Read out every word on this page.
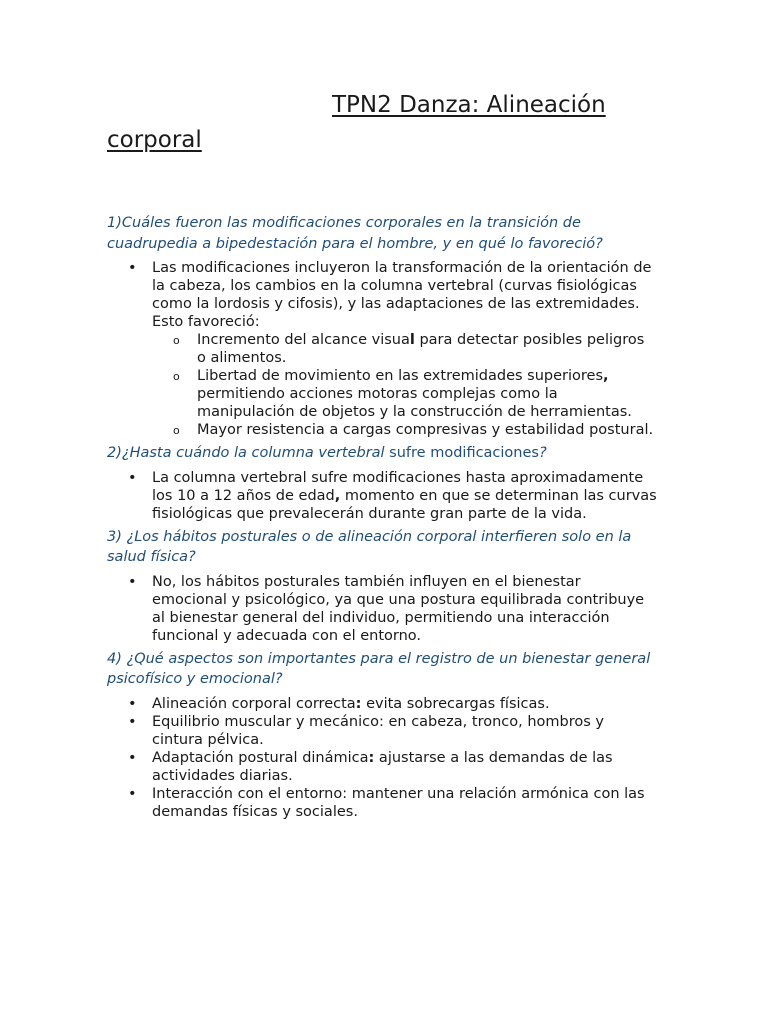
TPN2 Danza: Alineación corporal

1)Cuáles fueron las modificaciones corporales en la transición de cuadrupedia a bipedestación para el hombre, y en qué lo favoreció?

• Las modificaciones incluyeron la transformación de la orientación de la cabeza, los cambios en la columna vertebral (curvas fisiológicas como la lordosis y cifosis), y las adaptaciones de las extremidades. Esto favoreció:
o Incremento del alcance visual para detectar posibles peligros o alimentos.
o Libertad de movimiento en las extremidades superiores, permitiendo acciones motoras complejas como la manipulación de objetos y la construcción de herramientas.
o Mayor resistencia a cargas compresivas y estabilidad postural.

2)¿Hasta cuándo la columna vertebral sufre modificaciones?

• La columna vertebral sufre modificaciones hasta aproximadamente los 10 a 12 años de edad, momento en que se determinan las curvas fisiológicas que prevalecerán durante gran parte de la vida.

3) ¿Los hábitos posturales o de alineación corporal interfieren solo en la salud física?

• No, los hábitos posturales también influyen en el bienestar emocional y psicológico, ya que una postura equilibrada contribuye al bienestar general del individuo, permitiendo una interacción funcional y adecuada con el entorno.

4) ¿Qué aspectos son importantes para el registro de un bienestar general psicofísico y emocional?

• Alineación corporal correcta: evita sobrecargas físicas.
• Equilibrio muscular y mecánico: en cabeza, tronco, hombros y cintura pélvica.
• Adaptación postural dinámica: ajustarse a las demandas de las actividades diarias.
• Interacción con el entorno: mantener una relación armónica con las demandas físicas y sociales.
